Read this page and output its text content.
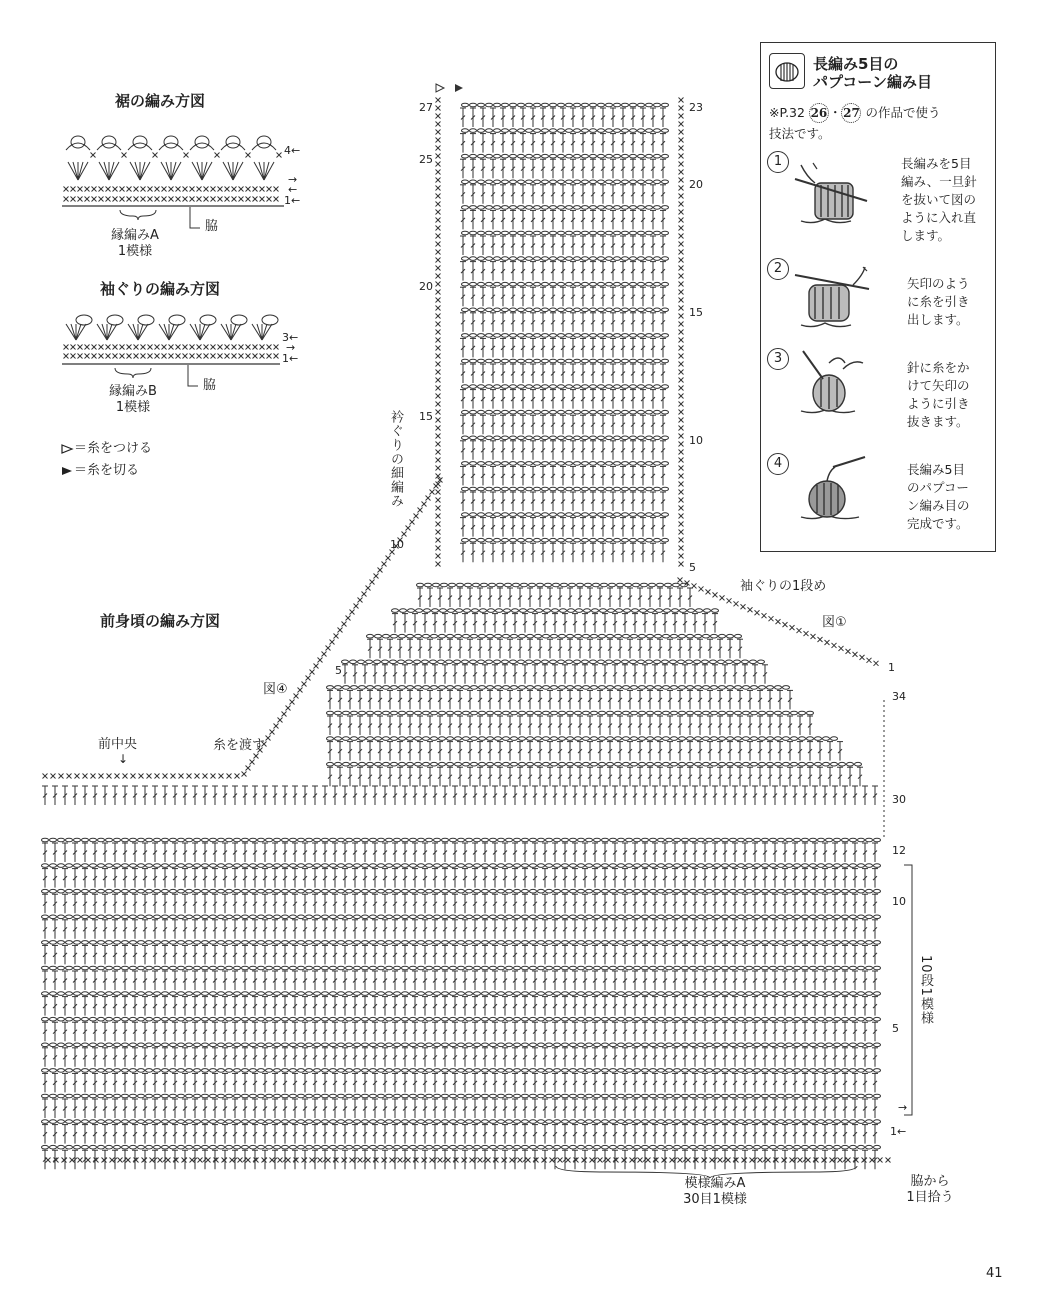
裾の編み方図
4←
→
←
1←
縁編みA
1模様
脇
袖ぐりの編み方図
3←
→
1←
縁編みB
1模様
脇
＝糸をつける
＝糸を切る
前身頃の編み方図
図④
図①
前中央
↓
糸を渡す
衿ぐりの細編み
袖ぐりの1段め
模様編みA
30目1模様
脇から
1目拾う
10段1模様
27
25
20
15
10
5
23
20
15
10
5
1
34
30
12
10
5
→
1←
41
長編み5目の
パプコーン編み目
※P.32 26 ・ 27 の作品で使う
技法です。
1	長編みを5目
編み、一旦針
を抜いて図の
ように入れ直
します。
2
矢印のよう
に糸を引き
出します。
3
針に糸をか
けて矢印の
ように引き
抜きます。
4	長編み5目
のパプコー
ン編み目の
完成です。
